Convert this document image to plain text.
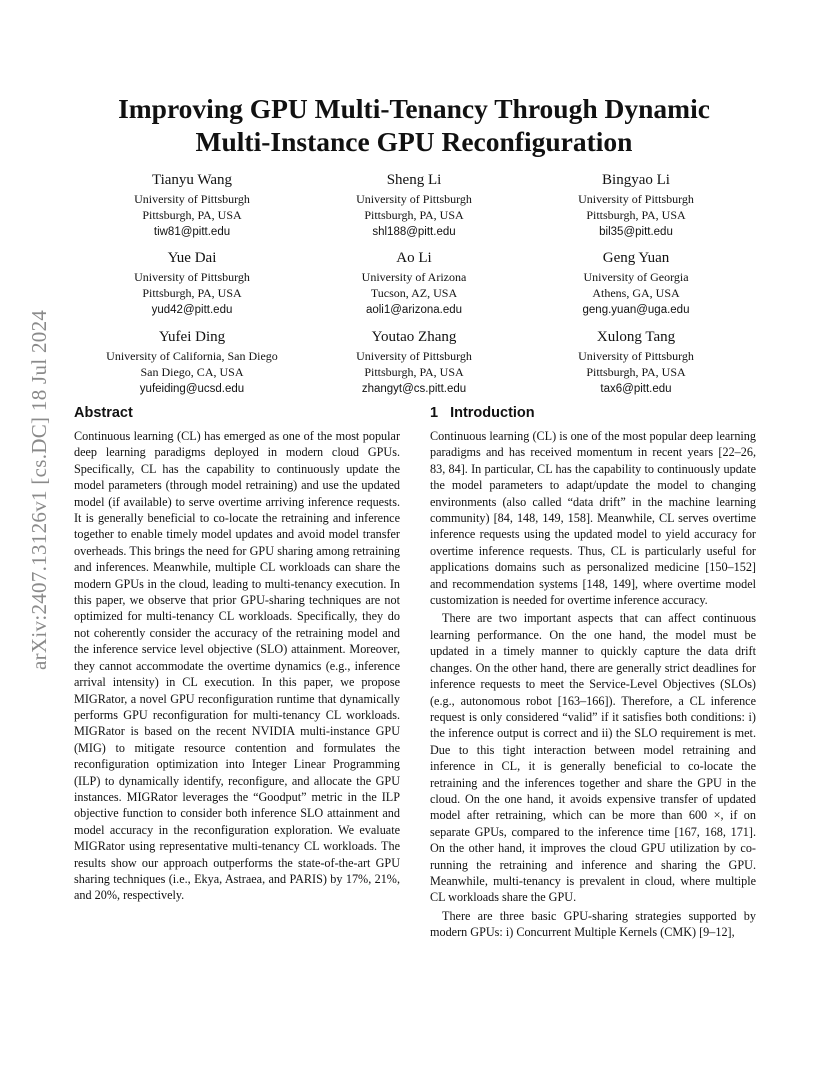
Improving GPU Multi-Tenancy Through Dynamic
Multi-Instance GPU Reconfiguration
Tianyu Wang
University of Pittsburgh
Pittsburgh, PA, USA
tiw81@pitt.edu
Sheng Li
University of Pittsburgh
Pittsburgh, PA, USA
shl188@pitt.edu
Bingyao Li
University of Pittsburgh
Pittsburgh, PA, USA
bil35@pitt.edu
Yue Dai
University of Pittsburgh
Pittsburgh, PA, USA
yud42@pitt.edu
Ao Li
University of Arizona
Tucson, AZ, USA
aoli1@arizona.edu
Geng Yuan
University of Georgia
Athens, GA, USA
geng.yuan@uga.edu
Yufei Ding
University of California, San Diego
San Diego, CA, USA
yufeiding@ucsd.edu
Youtao Zhang
University of Pittsburgh
Pittsburgh, PA, USA
zhangyt@cs.pitt.edu
Xulong Tang
University of Pittsburgh
Pittsburgh, PA, USA
tax6@pitt.edu
arXiv:2407.13126v1 [cs.DC] 18 Jul 2024 Abstract

Continuous learning (CL) has emerged as one of the most popular deep learning paradigms deployed in modern cloud GPUs. Specifically, CL has the capability to continuously update the model parameters (through model retraining) and use the updated model (if available) to serve overtime arriving inference requests. It is generally beneficial to co-locate the retraining and inference together to enable timely model updates and avoid model transfer overheads. This brings the need for GPU sharing among retraining and inferences. Meanwhile, multiple CL workloads can share the modern GPUs in the cloud, leading to multi-tenancy execution. In this paper, we observe that prior GPU-sharing techniques are not optimized for multi-tenancy CL workloads. Specifically, they do not coherently consider the accuracy of the retraining model and the inference service level objective (SLO) attainment. Moreover, they cannot accommodate the overtime dynamics (e.g., inference arrival intensity) in CL execution. In this paper, we propose MIGRator, a novel GPU reconfiguration runtime that dynamically performs GPU reconfiguration for multi-tenancy CL workloads. MIGRator is based on the recent NVIDIA multi-instance GPU (MIG) to mitigate resource contention and formulates the reconfiguration optimization into Integer Linear Programming (ILP) to dynamically identify, reconfigure, and allocate the GPU instances. MIGRator leverages the “Goodput” metric in the ILP objective function to consider both inference SLO attainment and model accuracy in the reconfiguration exploration. We evaluate MIGRator using representative multi-tenancy CL workloads. The results show our approach outperforms the state-of-the-art GPU sharing techniques (i.e., Ekya, Astraea, and PARIS) by 17%, 21%, and 20%, respectively.

1 Introduction

Continuous learning (CL) is one of the most popular deep learning paradigms and has received momentum in recent years [22–26, 83, 84]. In particular, CL has the capability to continuously update the model parameters to adapt/update the model to changing environments (also called “data drift” in the machine learning community) [84, 148, 149, 158]. Meanwhile, CL serves overtime inference requests using the updated model to yield accuracy for overtime inference requests. Thus, CL is particularly useful for applications domains such as personalized medicine [150–152] and recommendation systems [148, 149], where overtime model customization is needed for overtime inference accuracy.

There are two important aspects that can affect continuous learning performance. On the one hand, the model must be updated in a timely manner to quickly capture the data drift changes. On the other hand, there are generally strict deadlines for inference requests to meet the Service-Level Objectives (SLOs) (e.g., autonomous robot [163–166]). Therefore, a CL inference request is only considered “valid” if it satisfies both conditions: i) the inference output is correct and ii) the SLO requirement is met. Due to this tight interaction between model retraining and inference in CL, it is generally beneficial to co-locate the retraining and the inferences together and share the GPU in the cloud. On the one hand, it avoids expensive transfer of updated model after retraining, which can be more than 600 ×, if on separate GPUs, compared to the inference time [167, 168, 171]. On the other hand, it improves the cloud GPU utilization by co-running the retraining and inference and sharing the GPU. Meanwhile, multi-tenancy is prevalent in cloud, where multiple CL workloads share the GPU.

There are three basic GPU-sharing strategies supported by modern GPUs: i) Concurrent Multiple Kernels (CMK) [9–12],
